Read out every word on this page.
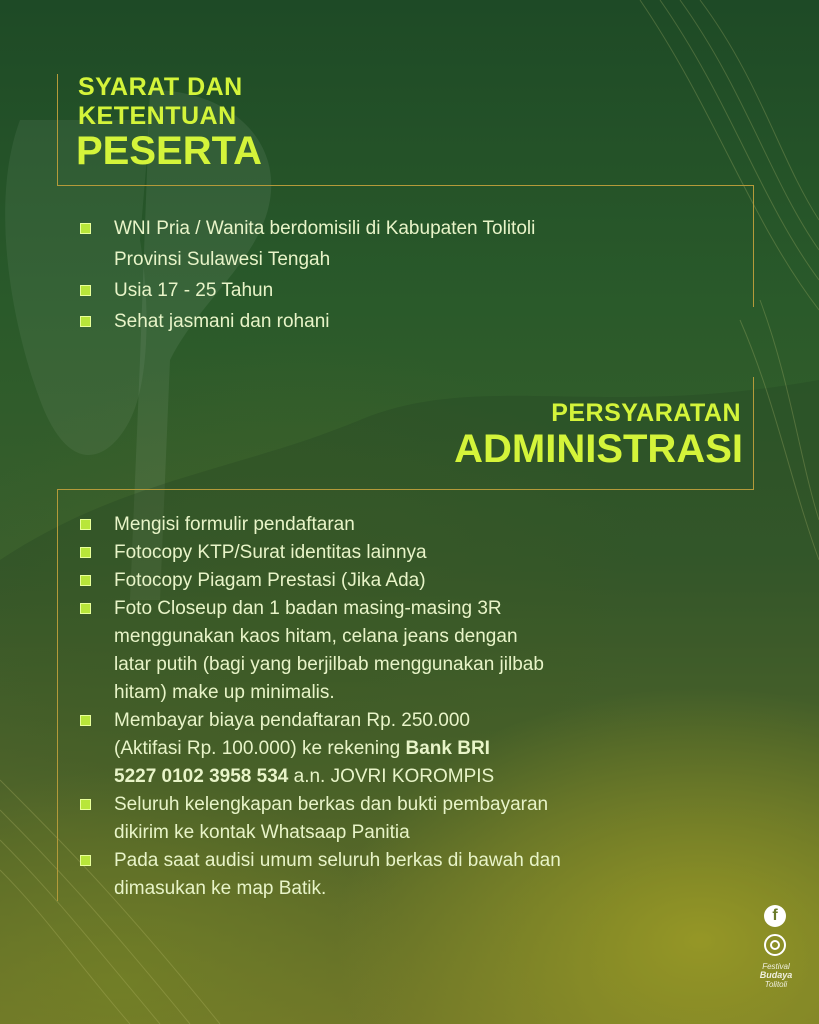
SYARAT DAN
KETENTUAN
PESERTA
WNI Pria / Wanita berdomisili di Kabupaten Tolitoli
Provinsi Sulawesi Tengah
Usia 17 - 25 Tahun
Sehat jasmani dan rohani
PERSYARATAN
ADMINISTRASI
Mengisi formulir pendaftaran
Fotocopy KTP/Surat identitas lainnya
Fotocopy Piagam Prestasi (Jika Ada)
Foto Closeup dan 1 badan masing-masing 3R
menggunakan kaos hitam, celana jeans dengan
latar putih (bagi yang berjilbab menggunakan jilbab
hitam) make up minimalis.
Membayar biaya pendaftaran Rp. 250.000
(Aktifasi Rp. 100.000) ke rekening Bank BRI
5227 0102 3958 534 a.n. JOVRI KOROMPIS
Seluruh kelengkapan berkas dan bukti pembayaran
dikirim ke kontak Whatsaap Panitia
Pada saat audisi umum seluruh berkas di bawah dan
dimasukan ke map Batik.
f
Festival
Budaya
Tolitoli
